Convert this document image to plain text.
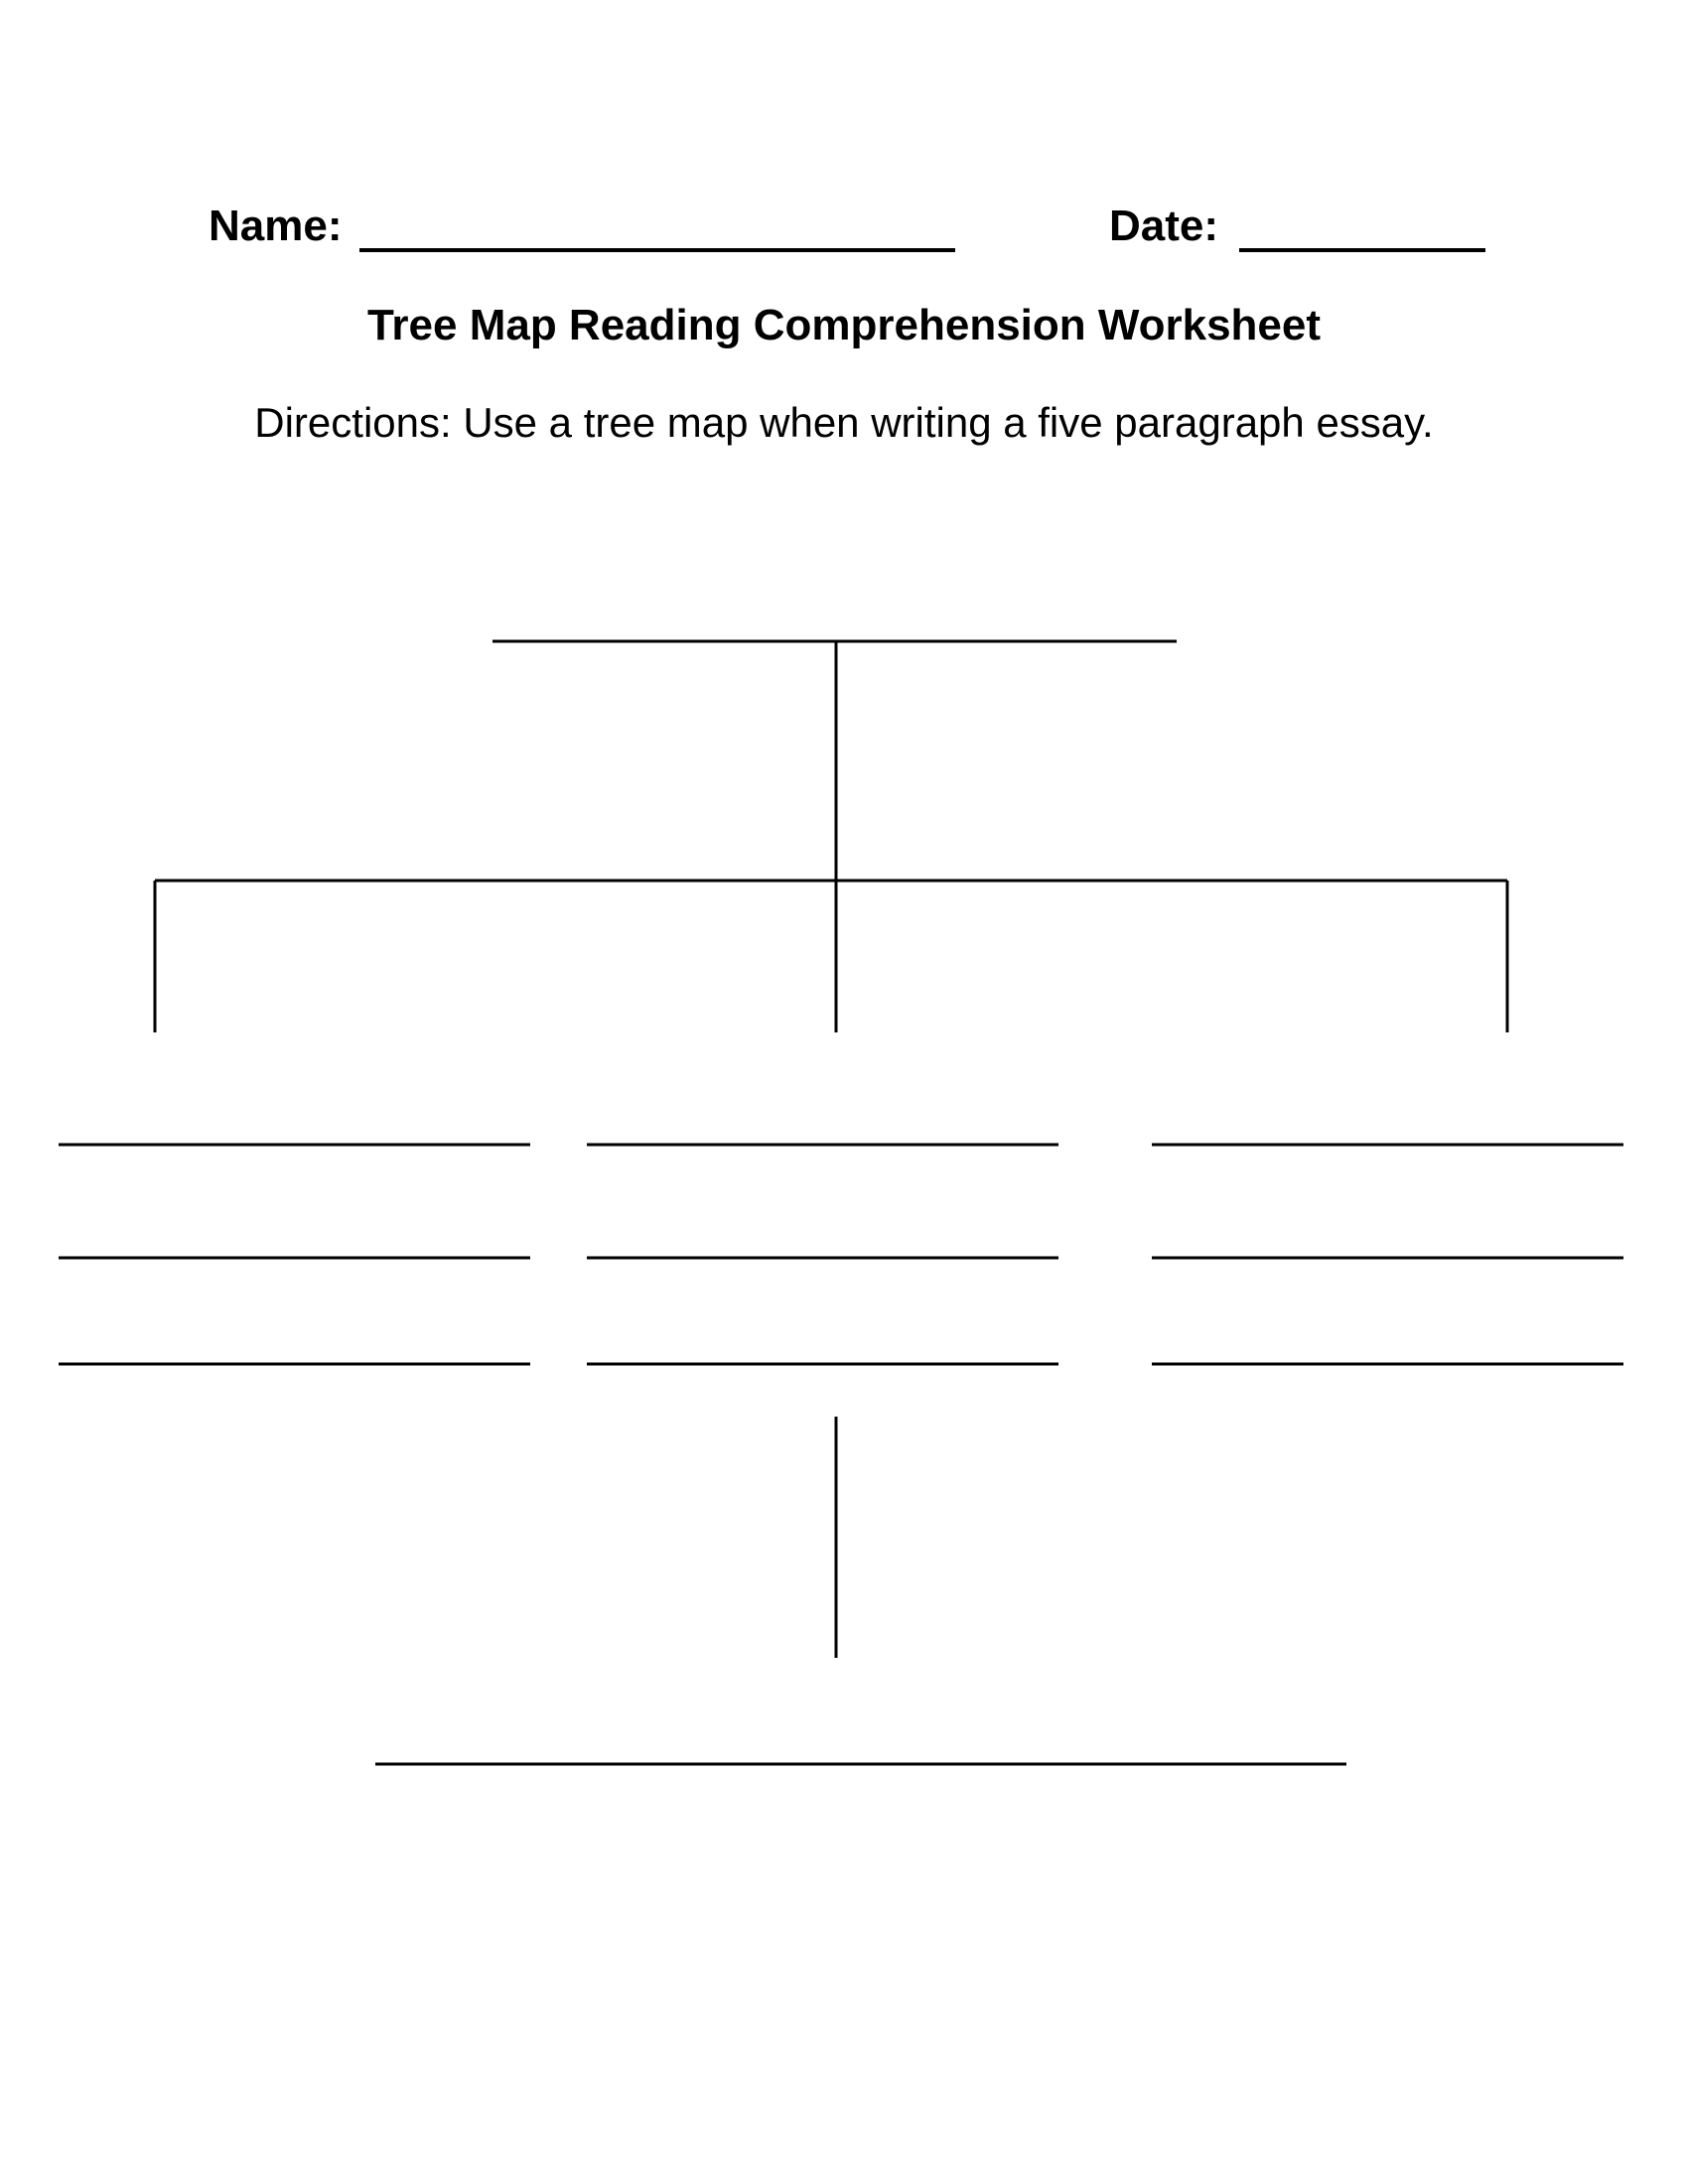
Name:	Date:
Tree Map Reading Comprehension Worksheet
Directions: Use a tree map when writing a five paragraph essay.
